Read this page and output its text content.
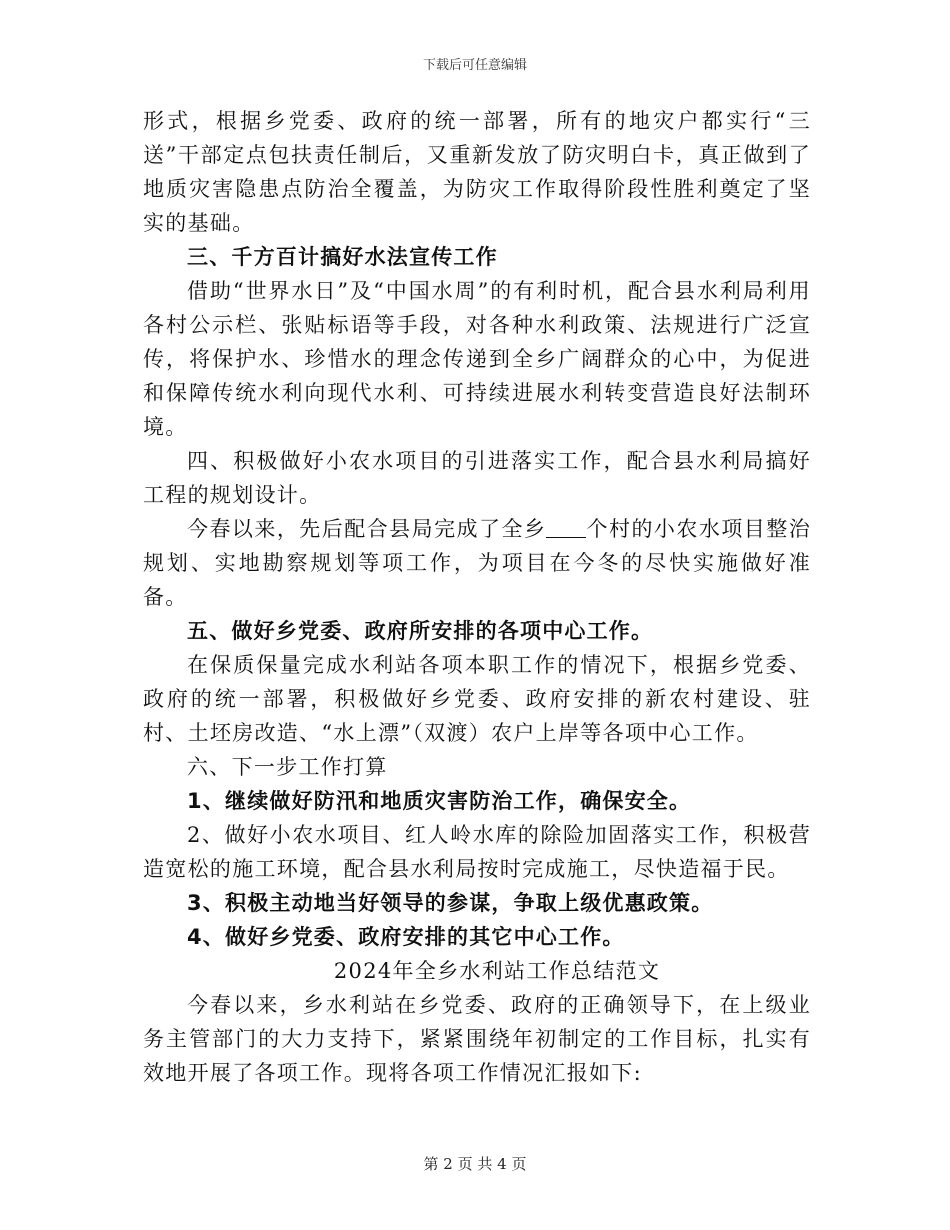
下载后可任意编辑

形式，根据乡党委、政府的统一部署，所有的地灾户都实行“三送”干部定点包扶责任制后，又重新发放了防灾明白卡，真正做到了地质灾害隐患点防治全覆盖，为防灾工作取得阶段性胜利奠定了坚实的基础。

三、千方百计搞好水法宣传工作

借助“世界水日”及“中国水周”的有利时机，配合县水利局利用各村公示栏、张贴标语等手段，对各种水利政策、法规进行广泛宣传，将保护水、珍惜水的理念传递到全乡广阔群众的心中，为促进和保障传统水利向现代水利、可持续进展水利转变营造良好法制环境。

四、积极做好小农水项目的引进落实工作，配合县水利局搞好工程的规划设计。

今春以来，先后配合县局完成了全乡 个村的小农水项目整治规划、实地勘察规划等项工作，为项目在今冬的尽快实施做好准备。

五、做好乡党委、政府所安排的各项中心工作。

在保质保量完成水利站各项本职工作的情况下，根据乡党委、政府的统一部署，积极做好乡党委、政府安排的新农村建设、驻村、土坯房改造、“水上漂”（双渡）农户上岸等各项中心工作。

六、下一步工作打算

1、继续做好防汛和地质灾害防治工作，确保安全。

2、做好小农水项目、红人岭水库的除险加固落实工作，积极营造宽松的施工环境，配合县水利局按时完成施工，尽快造福于民。

3、积极主动地当好领导的参谋，争取上级优惠政策。

4、做好乡党委、政府安排的其它中心工作。

2024年全乡水利站工作总结范文

今春以来，乡水利站在乡党委、政府的正确领导下，在上级业务主管部门的大力支持下，紧紧围绕年初制定的工作目标，扎实有效地开展了各项工作。现将各项工作情况汇报如下:

第 2 页 共 4 页
